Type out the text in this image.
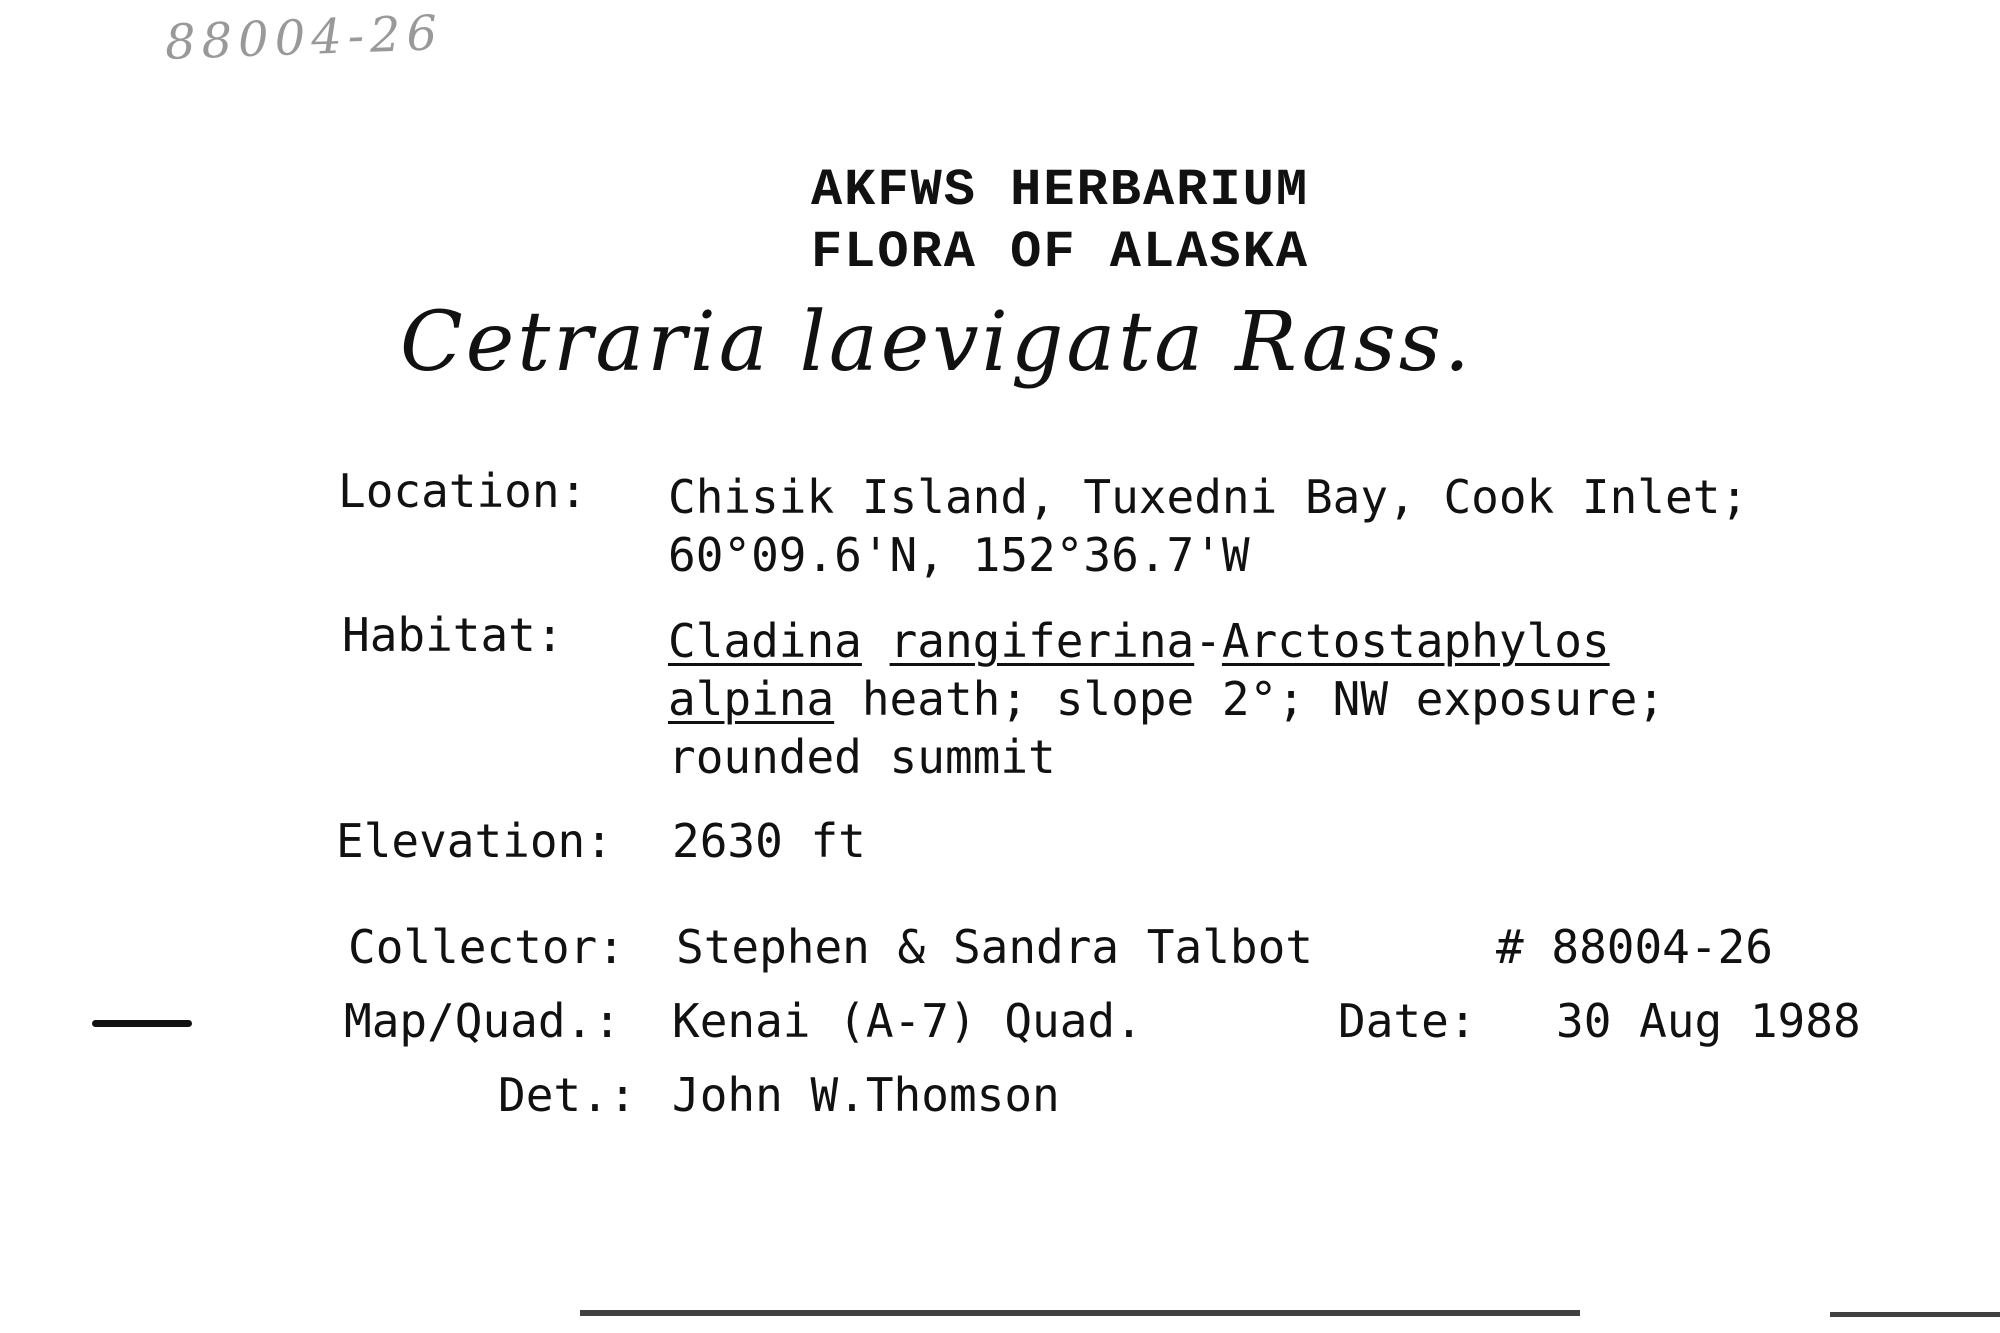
88004-26
AKFWS HERBARIUM
FLORA OF ALASKA
Cetraria laevigata Rass.
Location: Chisik Island, Tuxedni Bay, Cook Inlet;
60°09.6'N, 152°36.7'W
Habitat: Cladina rangiferina-Arctostaphylos
alpina heath; slope 2°; NW exposure;
rounded summit
Elevation: 2630 ft
Collector: Stephen & Sandra Talbot	# 88004-26
Map/Quad.: Kenai (A-7) Quad.	Date: 30 Aug 1988
Det.: John W.Thomson
